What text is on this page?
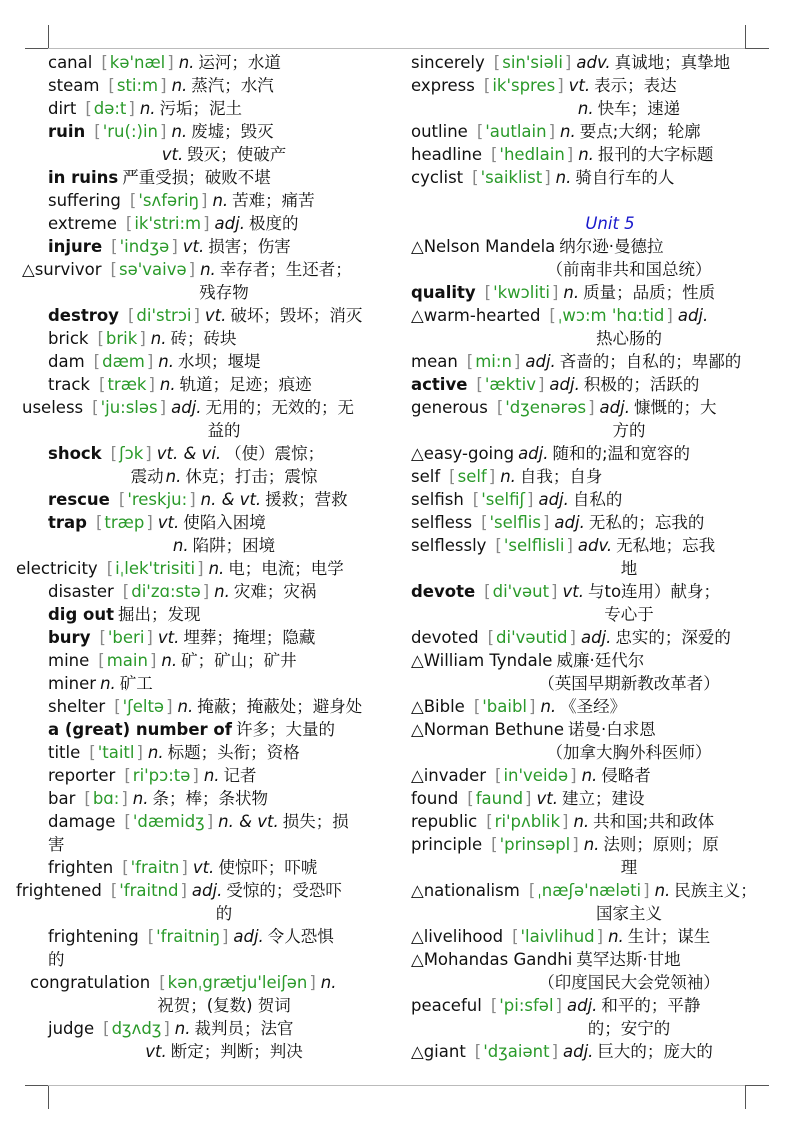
canal [ kə'næl ] n. 运河；水道
steam [ sti:m ] n. 蒸汽；水汽
dirt [ də:t ] n. 污垢；泥土
ruin [ 'ru(:)in ] n. 废墟；毁灭
vt. 毁灭；使破产
in ruins 严重受损；破败不堪
suffering [ 'sʌfəriŋ ] n. 苦难；痛苦
extreme [ ik'stri:m ] adj. 极度的
injure [ 'indʒə ] vt. 损害；伤害
△survivor [ sə'vaivə ] n. 幸存者；生还者；
残存物
destroy [ di'strɔi ] vt. 破坏；毁坏；消灭
brick [ brik ] n. 砖；砖块
dam [ dæm ] n. 水坝；堰堤
track [ træk ] n. 轨道；足迹；痕迹
useless [ 'ju:sləs ] adj. 无用的；无效的；无
益的
shock [ ʃɔk ] vt. & vi. （使）震惊；
震动 n. 休克；打击；震惊
rescue [ 'reskju: ] n. & vt. 援救；营救
trap [ træp ] vt. 使陷入困境
n. 陷阱；困境
electricity [ iˌlek'trisiti ] n. 电；电流；电学
disaster [ di'zɑ:stə ] n. 灾难；灾祸
dig out 掘出；发现
bury [ 'beri ] vt. 埋葬；掩埋；隐藏
mine [ main ] n. 矿；矿山；矿井
miner n. 矿工
shelter [ 'ʃeltə ] n. 掩蔽；掩蔽处；避身处
a (great) number of 许多；大量的
title [ 'taitl ] n. 标题；头衔；资格
reporter [ ri'pɔ:tə ] n. 记者
bar [ bɑ: ] n. 条；棒；条状物
damage [ 'dæmidʒ ] n. & vt. 损失；损
害
frighten [ 'fraitn ] vt. 使惊吓；吓唬
frightened [ 'fraitnd ] adj. 受惊的；受恐吓
的
frightening [ 'fraitniŋ ] adj. 令人恐惧
的
congratulation [ kənˌgrætju'leiʃən ] n.
祝贺；(复数) 贺词
judge [ dʒʌdʒ ] n. 裁判员；法官
vt. 断定；判断；判决
sincerely [ sin'siəli ] adv. 真诚地；真挚地
express [ ik'spres ] vt. 表示；表达
n. 快车；速递
outline [ 'autlain ] n. 要点;大纲；轮廓
headline [ 'hedlain ] n. 报刊的大字标题
cyclist [ 'saiklist ] n. 骑自行车的人
Unit 5
△Nelson Mandela 纳尔逊·曼德拉
（前南非共和国总统）
quality [ 'kwɔliti ] n. 质量；品质；性质
△warm-hearted [ ˌwɔ:m 'hɑ:tid ] adj.
热心肠的
mean [ mi:n ] adj. 吝啬的；自私的；卑鄙的
active [ 'æktiv ] adj. 积极的；活跃的
generous [ 'dʒenərəs ] adj. 慷慨的；大
方的
△easy-going adj. 随和的;温和宽容的
self [ self ] n. 自我；自身
selfish [ 'selfiʃ ] adj. 自私的
selfless [ 'selflis ] adj. 无私的；忘我的
selflessly [ 'selflisli ] adv. 无私地；忘我
地
devote [ di'vəut ] vt. 与to连用）献身；
专心于
devoted [ di'vəutid ] adj. 忠实的；深爱的
△William Tyndale 威廉·廷代尔
（英国早期新教改革者）
△Bible [ 'baibl ] n. 《圣经》
△Norman Bethune 诺曼·白求恩
（加拿大胸外科医师）
△invader [ in'veidə ] n. 侵略者
found [ faund ] vt. 建立；建设
republic [ ri'pʌblik ] n. 共和国;共和政体
principle [ 'prinsəpl ] n. 法则；原则；原
理
△nationalism [ ˌnæʃə'næləti ] n. 民族主义；
国家主义
△livelihood [ 'laivlihud ] n. 生计；谋生
△Mohandas Gandhi 莫罕达斯·甘地
（印度国民大会党领袖）
peaceful [ 'pi:sfəl ] adj. 和平的；平静
的；安宁的
△giant [ 'dʒaiənt ] adj. 巨大的；庞大的
